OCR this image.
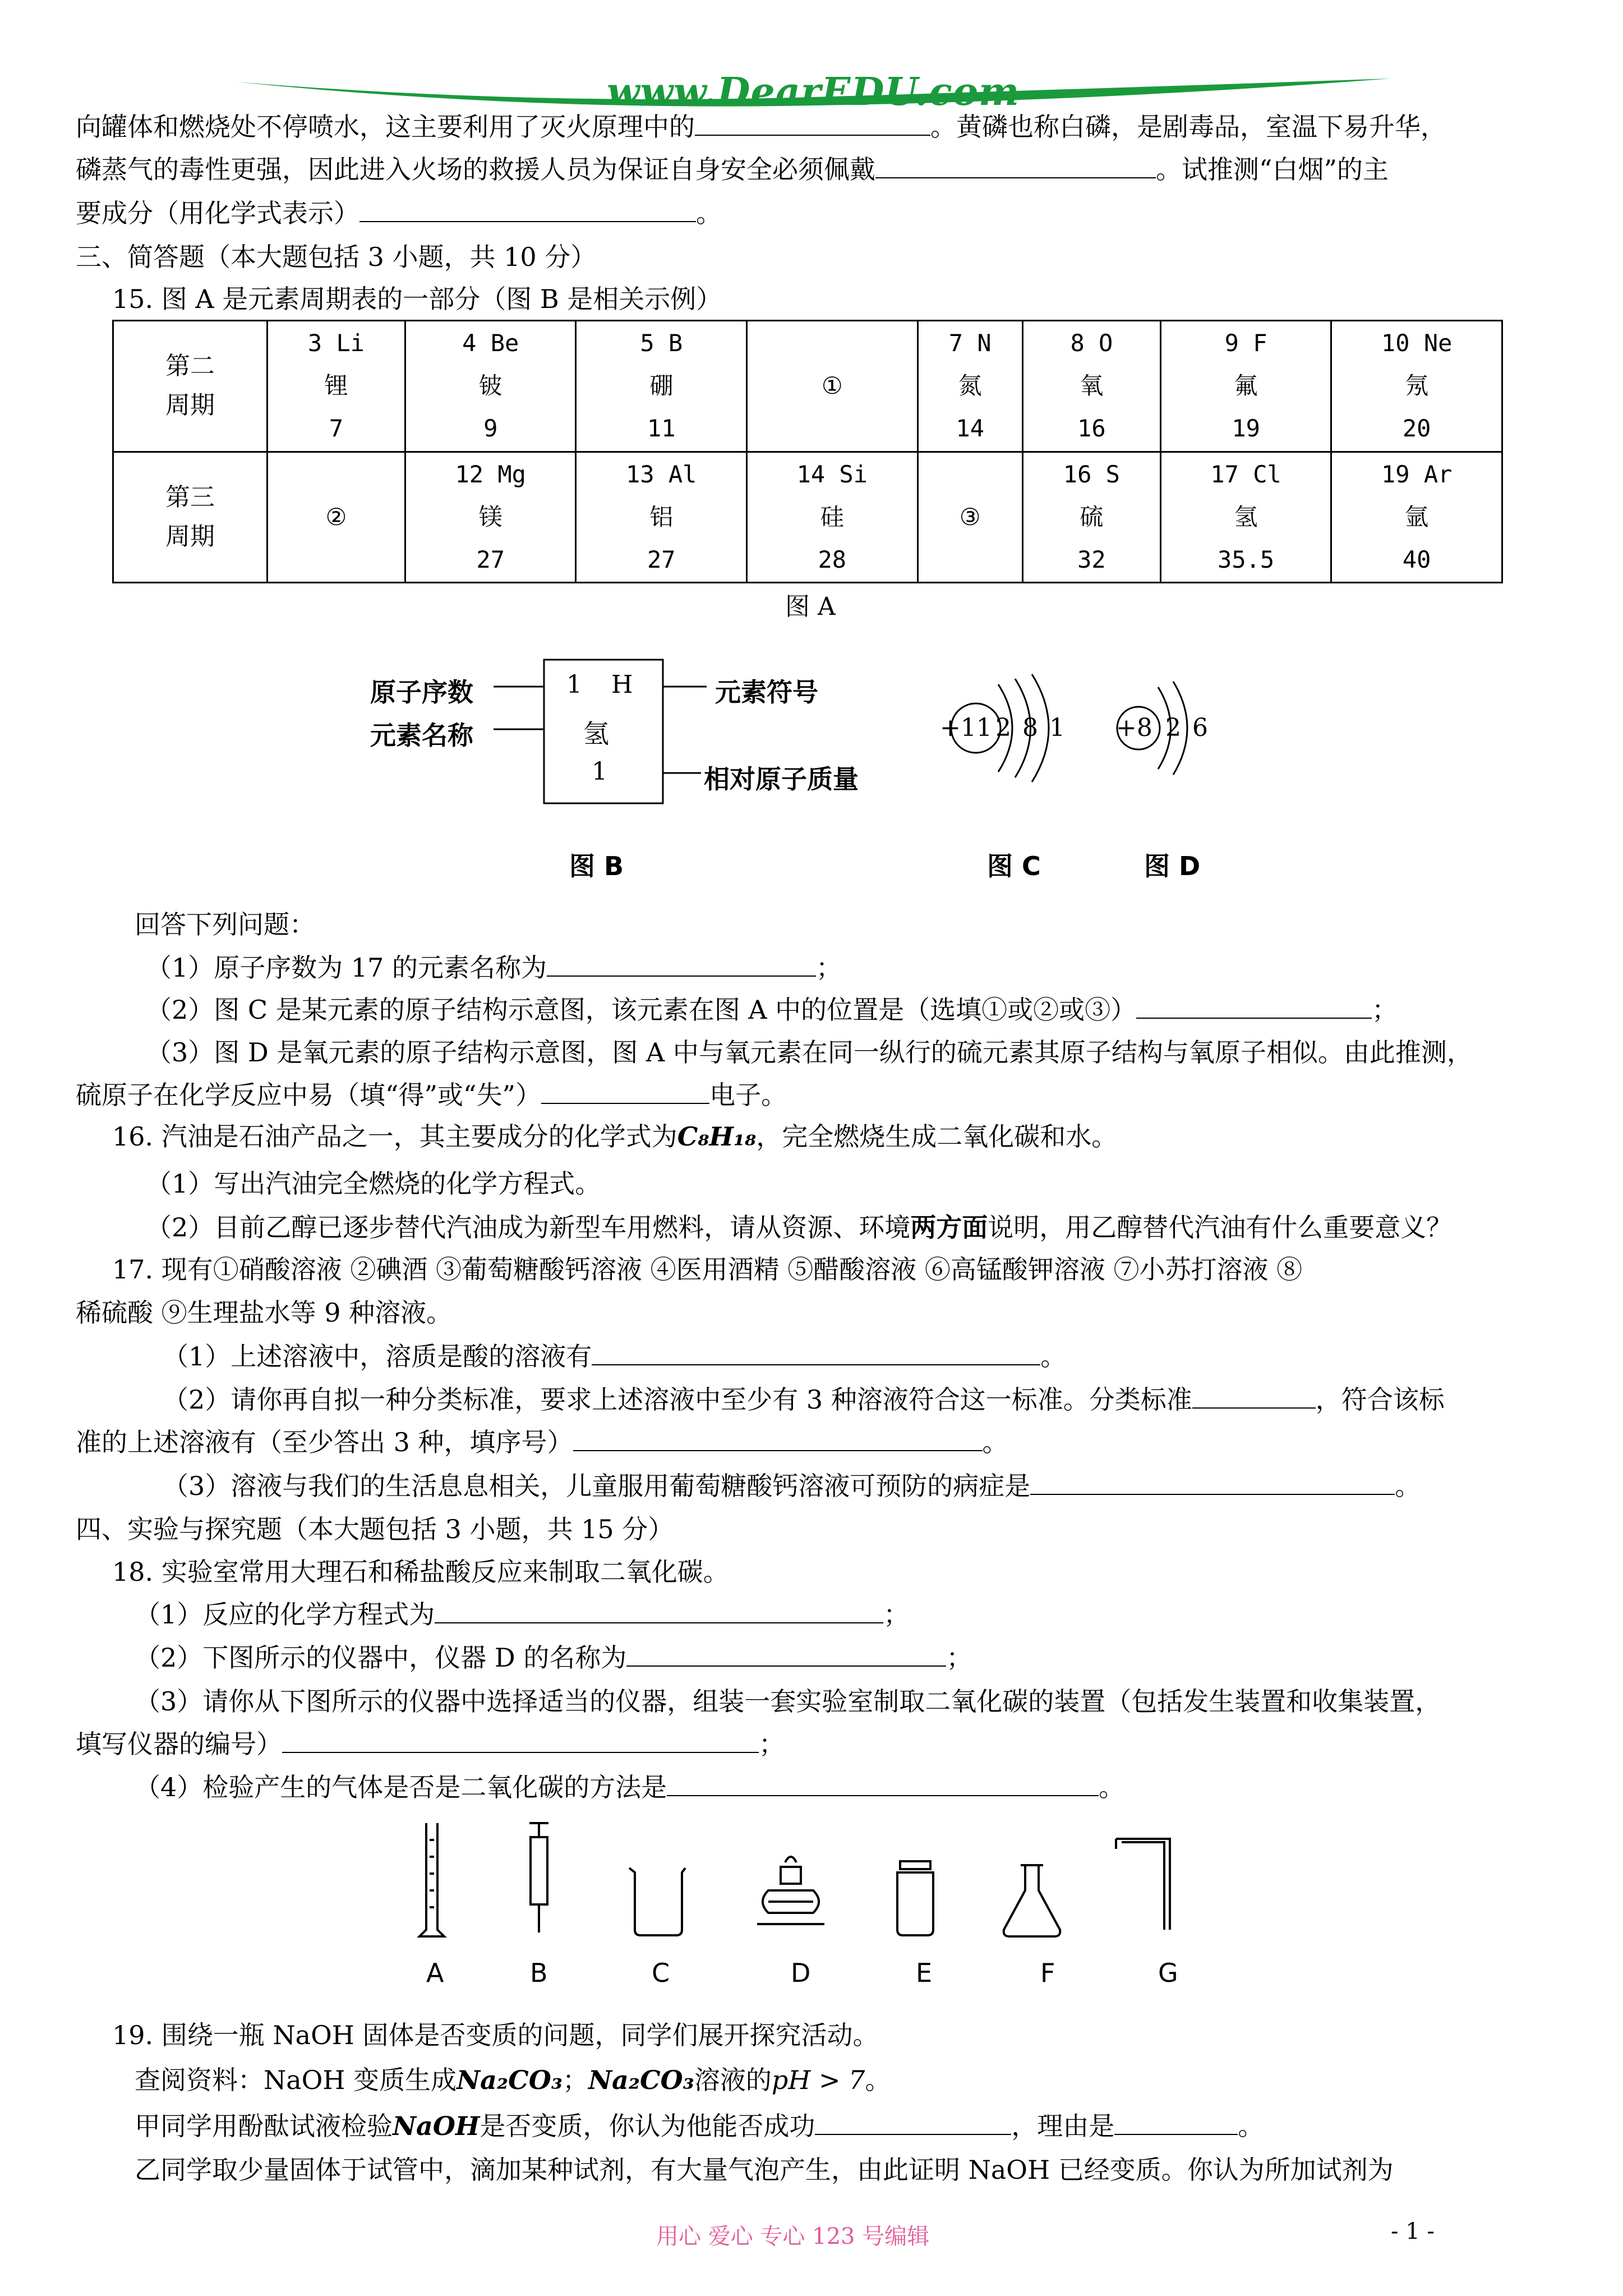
www.DearEDU.com
向罐体和燃烧处不停喷水，这主要利用了灭火原理中的	。黄磷也称白磷，是剧毒品，室温下易升华，
磷蒸气的毒性更强，因此进入火场的救援人员为保证自身安全必须佩戴	。试推测“白烟”的主
要成分（用化学式表示）	。
三、简答题（本大题包括 3 小题，共 10 分）
15. 图 A 是元素周期表的一部分（图 B 是相关示例）
第二
周期	3 Li
锂
7	4 Be
铍
9	5 B
硼
11	①	7 N
氮
14	8 O
氧
16	9 F
氟
19	10 Ne
氖
20

第三
周期	②	12 Mg
镁
27	13 Al
铝
27	14 Si
硅
28	③	16 S
硫
32	17 Cl
氢
35.5	19 Ar
氩
40
图 A
原子序数
元素名称
元素符号
相对原子质量
1 H
氢
1
图 B
+11 2 8 1
图 C
+8 2 6
图 D
回答下列问题：
（1）原子序数为 17 的元素名称为	；
（2）图 C 是某元素的原子结构示意图，该元素在图 A 中的位置是（选填①或②或③）	；
（3）图 D 是氧元素的原子结构示意图，图 A 中与氧元素在同一纵行的硫元素其原子结构与氧原子相似。由此推测，
硫原子在化学反应中易（填“得”或“失”）	电子。
16. 汽油是石油产品之一，其主要成分的化学式为C₈H₁₈，完全燃烧生成二氧化碳和水。
（1）写出汽油完全燃烧的化学方程式。
（2）目前乙醇已逐步替代汽油成为新型车用燃料，请从资源、环境两方面说明，用乙醇替代汽油有什么重要意义？
17. 现有①硝酸溶液 ②碘酒 ③葡萄糖酸钙溶液 ④医用酒精 ⑤醋酸溶液 ⑥高锰酸钾溶液 ⑦小苏打溶液 ⑧
稀硫酸 ⑨生理盐水等 9 种溶液。
（1）上述溶液中，溶质是酸的溶液有	。
（2）请你再自拟一种分类标准，要求上述溶液中至少有 3 种溶液符合这一标准。分类标准	，符合该标
准的上述溶液有（至少答出 3 种，填序号）	。
（3）溶液与我们的生活息息相关，儿童服用葡萄糖酸钙溶液可预防的病症是	。
四、实验与探究题（本大题包括 3 小题，共 15 分）
18. 实验室常用大理石和稀盐酸反应来制取二氧化碳。
（1）反应的化学方程式为	；
（2）下图所示的仪器中，仪器 D 的名称为	；
（3）请你从下图所示的仪器中选择适当的仪器，组装一套实验室制取二氧化碳的装置（包括发生装置和收集装置，
填写仪器的编号）	；
（4）检验产生的气体是否是二氧化碳的方法是	。
A	B	C	D	E	F	G
19. 围绕一瓶 NaOH 固体是否变质的问题，同学们展开探究活动。
查阅资料：NaOH 变质生成Na₂CO₃；Na₂CO₃溶液的pH > 7。
甲同学用酚酞试液检验NaOH是否变质，你认为他能否成功	，理由是	。
乙同学取少量固体于试管中，滴加某种试剂，有大量气泡产生，由此证明 NaOH 已经变质。你认为所加试剂为
用心 爱心 专心 123 号编辑	- 1 -
